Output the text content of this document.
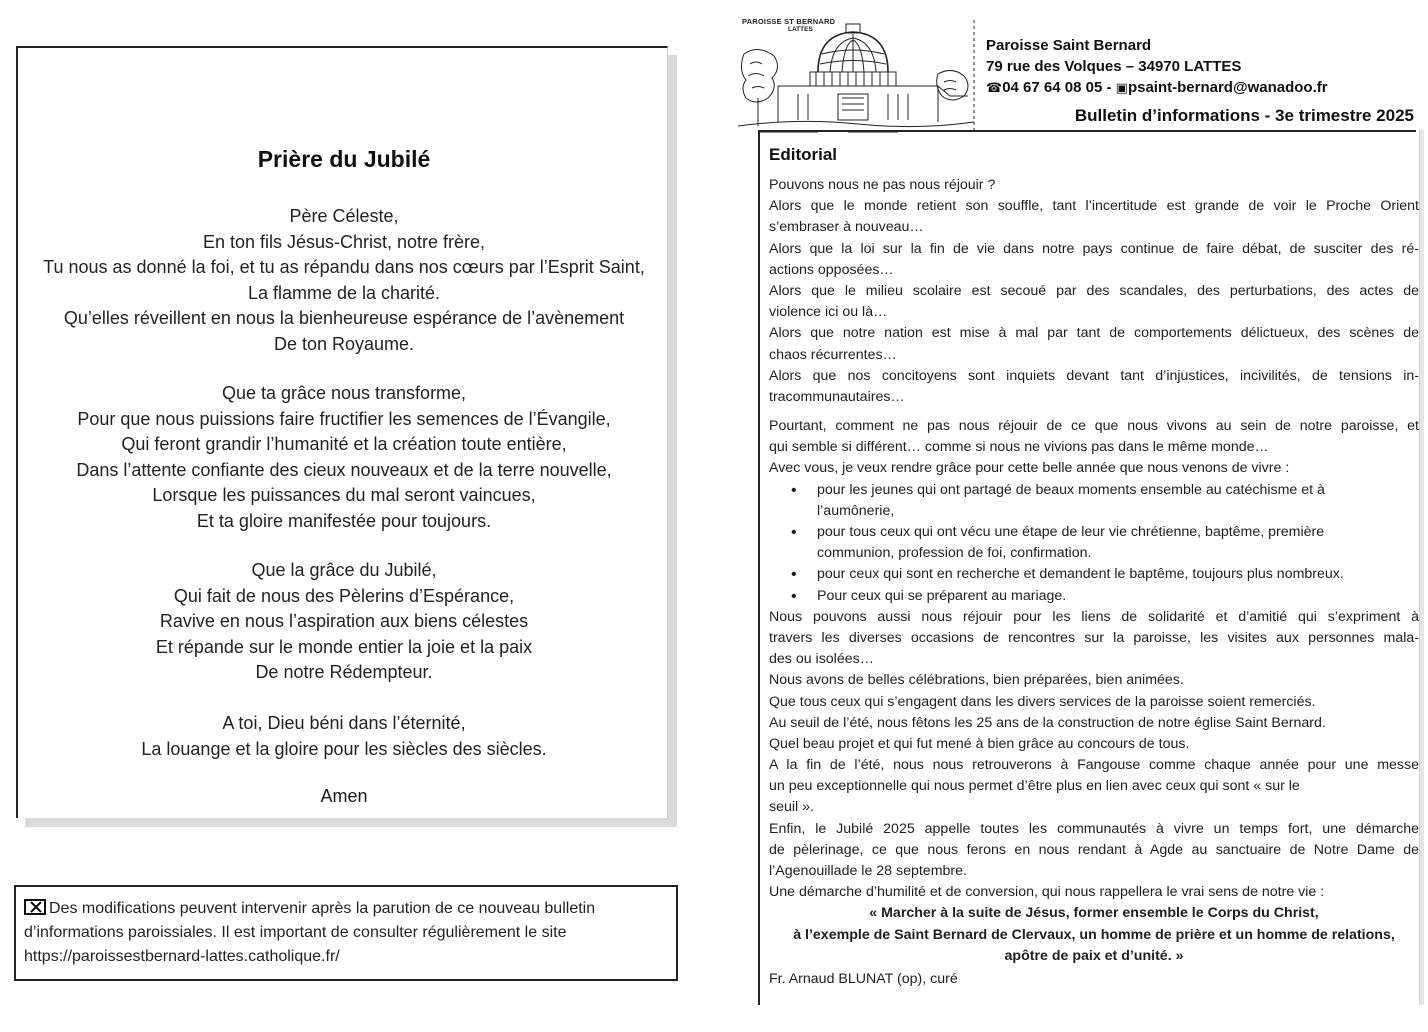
Prière du Jubilé
Père Céleste,
En ton fils Jésus-Christ, notre frère,
Tu nous as donné la foi, et tu as répandu dans nos cœurs par l’Esprit Saint,
La flamme de la charité.
Qu’elles réveillent en nous la bienheureuse espérance de l’avènement
De ton Royaume.
Que ta grâce nous transforme,
Pour que nous puissions faire fructifier les semences de l’Évangile,
Qui feront grandir l’humanité et la création toute entière,
Dans l’attente confiante des cieux nouveaux et de la terre nouvelle,
Lorsque les puissances du mal seront vaincues,
Et ta gloire manifestée pour toujours.
Que la grâce du Jubilé,
Qui fait de nous des Pèlerins d’Espérance,
Ravive en nous l’aspiration aux biens célestes
Et répande sur le monde entier la joie et la paix
De notre Rédempteur.
A toi, Dieu béni dans l’éternité,
La louange et la gloire pour les siècles des siècles.
Amen
Des modifications peuvent intervenir après la parution de ce nouveau bulletin
d’informations paroissiales. Il est important de consulter régulièrement le site
https://paroissestbernard-lattes.catholique.fr/
PAROISSE ST BERNARD
LATTES
Paroisse Saint Bernard
79 rue des Volques – 34970 LATTES
☎04 67 64 08 05 - ▣psaint-bernard@wanadoo.fr
Bulletin d’informations - 3e trimestre 2025
Editorial
Pouvons nous ne pas nous réjouir ?
Alors que le monde retient son souffle, tant l’incertitude est grande de voir le Proche Orient
s’embraser à nouveau…
Alors que la loi sur la fin de vie dans notre pays continue de faire débat, de susciter des ré-
actions opposées…
Alors que le milieu scolaire est secoué par des scandales, des perturbations, des actes de
violence ici ou là…
Alors que notre nation est mise à mal par tant de comportements délictueux, des scènes de
chaos récurrentes…
Alors que nos concitoyens sont inquiets devant tant d’injustices, incivilités, de tensions in-
tracommunautaires…
Pourtant, comment ne pas nous réjouir de ce que nous vivons au sein de notre paroisse, et
qui semble si différent… comme si nous ne vivions pas dans le même monde…
Avec vous, je veux rendre grâce pour cette belle année que nous venons de vivre :
• pour les jeunes qui ont partagé de beaux moments ensemble au catéchisme et à
l’aumônerie,
• pour tous ceux qui ont vécu une étape de leur vie chrétienne, baptême, première
communion, profession de foi, confirmation.
• pour ceux qui sont en recherche et demandent le baptême, toujours plus nombreux.
• Pour ceux qui se préparent au mariage.
Nous pouvons aussi nous réjouir pour les liens de solidarité et d’amitié qui s’expriment à
travers les diverses occasions de rencontres sur la paroisse, les visites aux personnes mala-
des ou isolées…
Nous avons de belles célébrations, bien préparées, bien animées.
Que tous ceux qui s’engagent dans les divers services de la paroisse soient remerciés.
Au seuil de l’été, nous fêtons les 25 ans de la construction de notre église Saint Bernard.
Quel beau projet et qui fut mené à bien grâce au concours de tous.
A la fin de l’été, nous nous retrouverons à Fangouse comme chaque année pour une messe
un peu exceptionnelle qui nous permet d’être plus en lien avec ceux qui sont « sur le
seuil ».
Enfin, le Jubilé 2025 appelle toutes les communautés à vivre un temps fort, une démarche
de pèlerinage, ce que nous ferons en nous rendant à Agde au sanctuaire de Notre Dame de
l’Agenouillade le 28 septembre.
Une démarche d’humilité et de conversion, qui nous rappellera le vrai sens de notre vie :
« Marcher à la suite de Jésus, former ensemble le Corps du Christ,
à l’exemple de Saint Bernard de Clervaux, un homme de prière et un homme de relations,
apôtre de paix et d’unité. »
Fr. Arnaud BLUNAT (op), curé
